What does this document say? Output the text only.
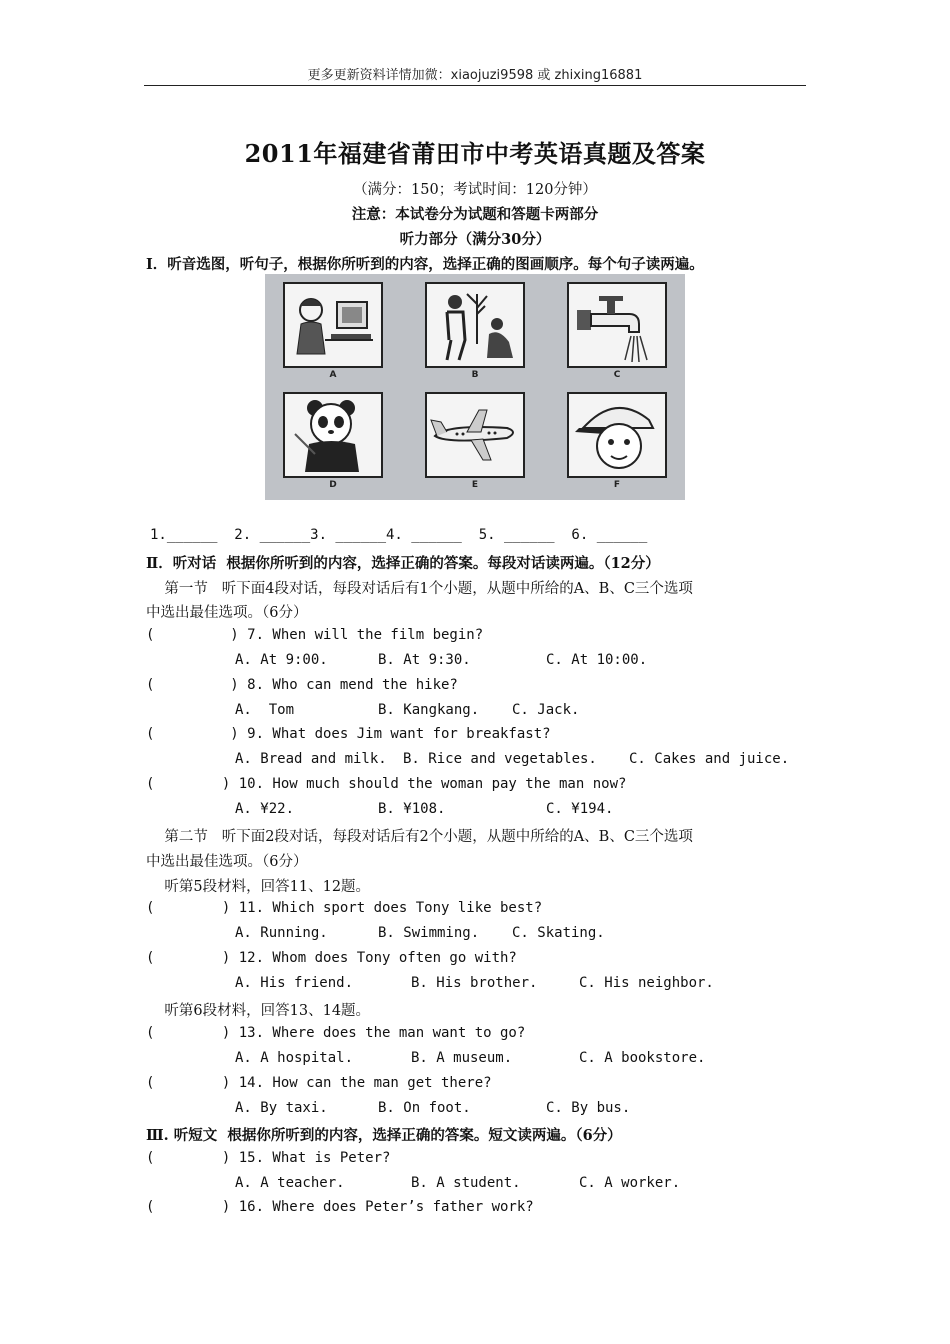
更多更新资料详情加微：xiaojuzi9598 或 zhixing16881
2011年福建省莆田市中考英语真题及答案
（满分：150；考试时间：120分钟）
注意：本试卷分为试题和答题卡两部分
听力部分（满分30分）
Ⅰ．听音选图，听句子，根据你所听到的内容，选择正确的图画顺序。每个句子读两遍。
A	B	C
D	E	F
1.______  2. ______3. ______4. ______  5. ______  6. ______
Ⅱ．听对话  根据你所听到的内容，选择正确的答案。每段对话读两遍。（12分）
第一节   听下面4段对话，每段对话后有1个小题，从题中所给的A、B、C三个选项
中选出最佳选项。（6分）
(         ) 7. When will the film begin?
A. At 9:00.	B. At 9:30.	C. At 10:00.
(         ) 8. Who can mend the hike?
A.  Tom	B. Kangkang. C. Jack.
(         ) 9. What does Jim want for breakfast?
A. Bread and milk. B. Rice and vegetables. C. Cakes and juice.
(        ) 10. How much should the woman pay the man now?
A. ¥22.	B. ¥108.	C. ¥194.
第二节   听下面2段对话，每段对话后有2个小题，从题中所给的A、B、C三个选项
中选出最佳选项。（6分）
听第5段材料，回答11、12题。
(        ) 11. Which sport does Tony like best?
A. Running.	B. Swimming. C. Skating.
(        ) 12. Whom does Tony often go with?
A. His friend.	B. His brother.	C. His neighbor.
听第6段材料，回答13、14题。
(        ) 13. Where does the man want to go?
A. A hospital.	B. A museum.	C. A bookstore.
(        ) 14. How can the man get there?
A. By taxi.	B. On foot.	C. By bus.
Ⅲ. 听短文  根据你所听到的内容，选择正确的答案。短文读两遍。（6分）
(        ) 15. What is Peter?
A. A teacher.	B. A student.	C. A worker.
(        ) 16. Where does Peter’s father work?
